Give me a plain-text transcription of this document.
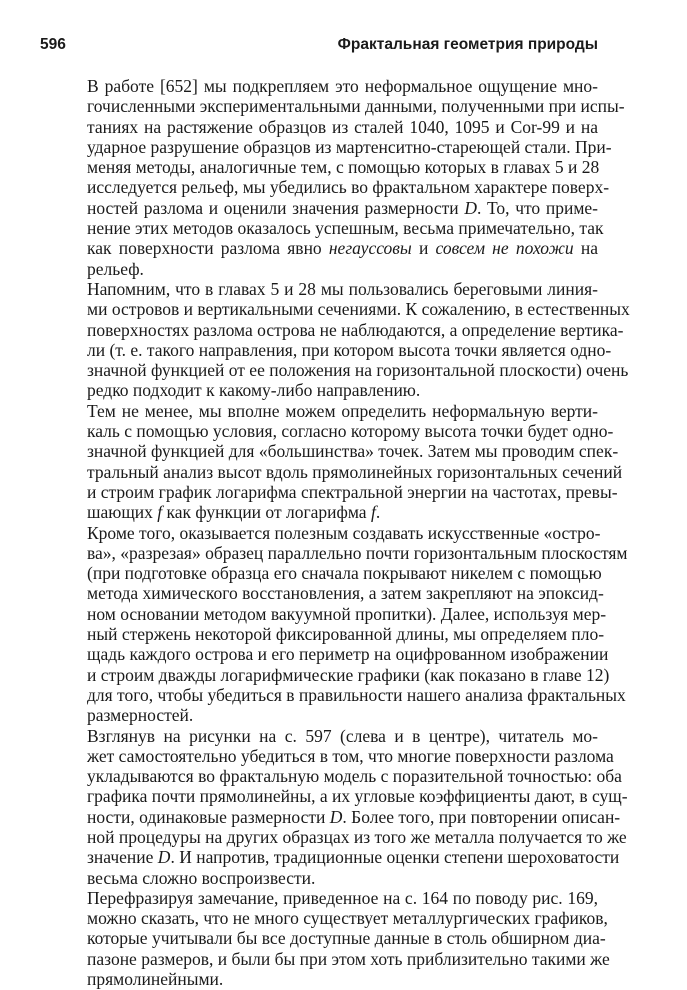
596	Фрактальная геометрия природы

В работе [652] мы подкрепляем это неформальное ощущение мно-
гочисленными экспериментальными данными, полученными при испы-
таниях на растяжение образцов из сталей 1040, 1095 и Cor-99 и на
ударное разрушение образцов из мартенситно-стареющей стали. При-
меняя методы, аналогичные тем, с помощью которых в главах 5 и 28
исследуется рельеф, мы убедились во фрактальном характере поверх-
ностей разлома и оценили значения размерности D. То, что приме-
нение этих методов оказалось успешным, весьма примечательно, так
как поверхности разлома явно негауссовы и совсем не похожи на
рельеф.

Напомним, что в главах 5 и 28 мы пользовались береговыми линия-
ми островов и вертикальными сечениями. К сожалению, в естественных
поверхностях разлома острова не наблюдаются, а определение вертика-
ли (т. е. такого направления, при котором высота точки является одно-
значной функцией от ее положения на горизонтальной плоскости) очень
редко подходит к какому-либо направлению.

Тем не менее, мы вполне можем определить неформальную верти-
каль с помощью условия, согласно которому высота точки будет одно-
значной функцией для «большинства» точек. Затем мы проводим спек-
тральный анализ высот вдоль прямолинейных горизонтальных сечений
и строим график логарифма спектральной энергии на частотах, превы-
шающих f как функции от логарифма f.

Кроме того, оказывается полезным создавать искусственные «остро-
ва», «разрезая» образец параллельно почти горизонтальным плоскостям
(при подготовке образца его сначала покрывают никелем с помощью
метода химического восстановления, а затем закрепляют на эпоксид-
ном основании методом вакуумной пропитки). Далее, используя мер-
ный стержень некоторой фиксированной длины, мы определяем пло-
щадь каждого острова и его периметр на оцифрованном изображении
и строим дважды логарифмические графики (как показано в главе 12)
для того, чтобы убедиться в правильности нашего анализа фрактальных
размерностей.

Взглянув на рисунки на с. 597 (слева и в центре), читатель мо-
жет самостоятельно убедиться в том, что многие поверхности разлома
укладываются во фрактальную модель с поразительной точностью: оба
графика почти прямолинейны, а их угловые коэффициенты дают, в сущ-
ности, одинаковые размерности D. Более того, при повторении описан-
ной процедуры на других образцах из того же металла получается то же
значение D. И напротив, традиционные оценки степени шероховатости
весьма сложно воспроизвести.

Перефразируя замечание, приведенное на с. 164 по поводу рис. 169,
можно сказать, что не много существует металлургических графиков,
которые учитывали бы все доступные данные в столь обширном диа-
пазоне размеров, и были бы при этом хоть приблизительно такими же
прямолинейными.
